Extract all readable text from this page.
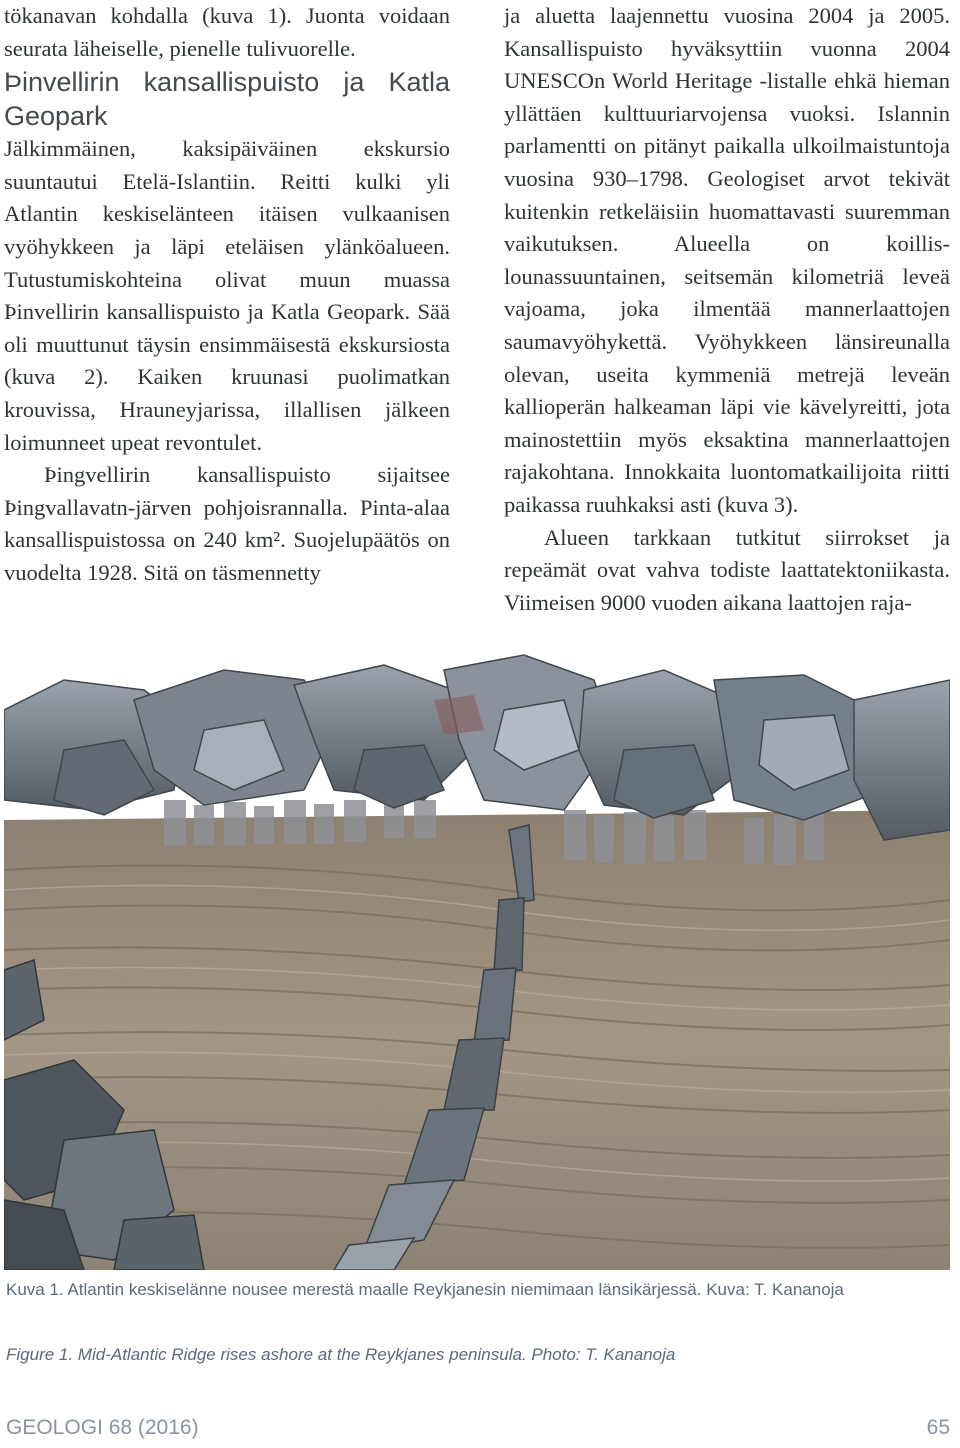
tökanavan kohdalla (kuva 1). Juonta voidaan seurata läheiselle, pienelle tulivuorelle.

Þinvellirin kansallispuisto ja Katla Geopark

Jälkimmäinen, kaksipäiväinen ekskursio suuntautui Etelä-Islantiin. Reitti kulki yli Atlantin keskiselänteen itäisen vulkaanisen vyöhykkeen ja läpi eteläisen ylänköalueen. Tutustumiskohteina olivat muun muassa Þinvellirin kansallispuisto ja Katla Geopark. Sää oli muuttunut täysin ensimmäisestä ekskursiosta (kuva 2). Kaiken kruunasi puolimatkan krouvissa, Hrauneyjarissa, illallisen jälkeen loimunneet upeat revontulet.

Þingvellirin kansallispuisto sijaitsee Þingvallavatn-järven pohjoisrannalla. Pinta-alaa kansallispuistossa on 240 km². Suojelupäätös on vuodelta 1928. Sitä on täsmennetty

ja aluetta laajennettu vuosina 2004 ja 2005. Kansallispuisto hyväksyttiin vuonna 2004 UNESCOn World Heritage -listalle ehkä hieman yllättäen kulttuuriarvojensa vuoksi. Islannin parlamentti on pitänyt paikalla ulkoilmaistuntoja vuosina 930–1798. Geologiset arvot tekivät kuitenkin retkeläisiin huomattavasti suuremman vaikutuksen. Alueella on koillis-lounassuuntainen, seitsemän kilometriä leveä vajoama, joka ilmentää mannerlaattojen saumavyöhykettä. Vyöhykkeen länsireunalla olevan, useita kymmeniä metrejä leveän kallioperän halkeaman läpi vie kävelyreitti, jota mainostettiin myös eksaktina mannerlaattojen rajakohtana. Innokkaita luontomatkailijoita riitti paikassa ruuhkaksi asti (kuva 3).

Alueen tarkkaan tutkitut siirrokset ja repeämät ovat vahva todiste laattatektoniikasta. Viimeisen 9000 vuoden aikana laattojen raja-

Kuva 1. Atlantin keskiselänne nousee merestä maalle Reykjanesin niemimaan länsikärjessä. Kuva: T. Kananoja
Figure 1. Mid-Atlantic Ridge rises ashore at the Reykjanes peninsula. Photo: T. Kananoja
GEOLOGI 68 (2016)	65
